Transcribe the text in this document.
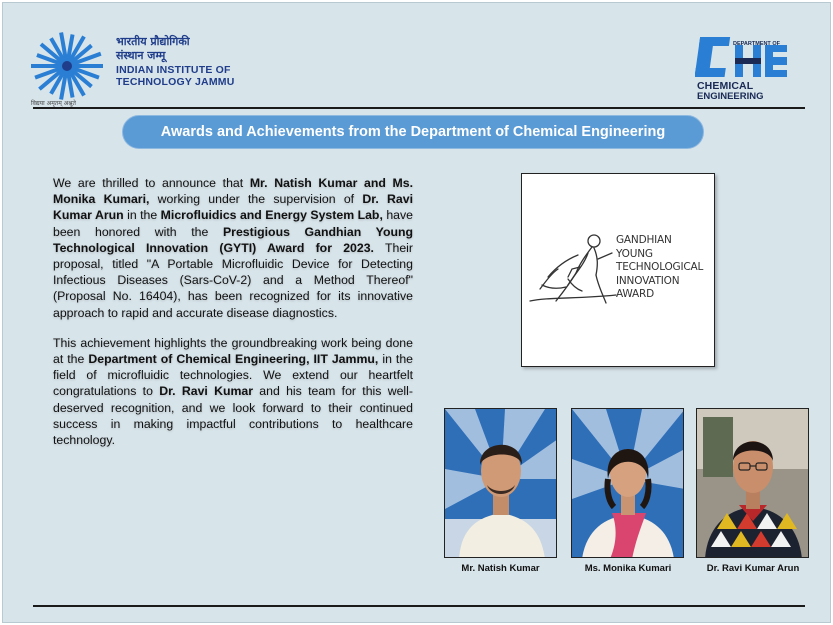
भारतीय प्रौद्योगिकी
संस्थान जम्मू
INDIAN INSTITUTE OF
TECHNOLOGY JAMMU
विद्यया अमृतम् अश्नुते
DEPARTMENT OF
CHEMICAL
ENGINEERING
Awards and Achievements from the Department of Chemical Engineering

We are thrilled to announce that Mr. Natish Kumar and Ms. Monika Kumari, working under the supervision of Dr. Ravi Kumar Arun in the Microfluidics and Energy System Lab, have been honored with the Prestigious Gandhian Young Technological Innovation (GYTI) Award for 2023. Their proposal, titled "A Portable Microfluidic Device for Detecting Infectious Diseases (Sars-CoV-2) and a Method Thereof" (Proposal No. 16404), has been recognized for its innovative approach to rapid and accurate disease diagnostics.

This achievement highlights the groundbreaking work being done at the Department of Chemical Engineering, IIT Jammu, in the field of microfluidic technologies. We extend our heartfelt congratulations to Dr. Ravi Kumar and his team for this well-deserved recognition, and we look forward to their continued success in making impactful contributions to healthcare technology.

GANDHIAN
YOUNG
TECHNOLOGICAL
INNOVATION
AWARD
Mr. Natish Kumar	Ms. Monika Kumari	Dr. Ravi Kumar Arun
